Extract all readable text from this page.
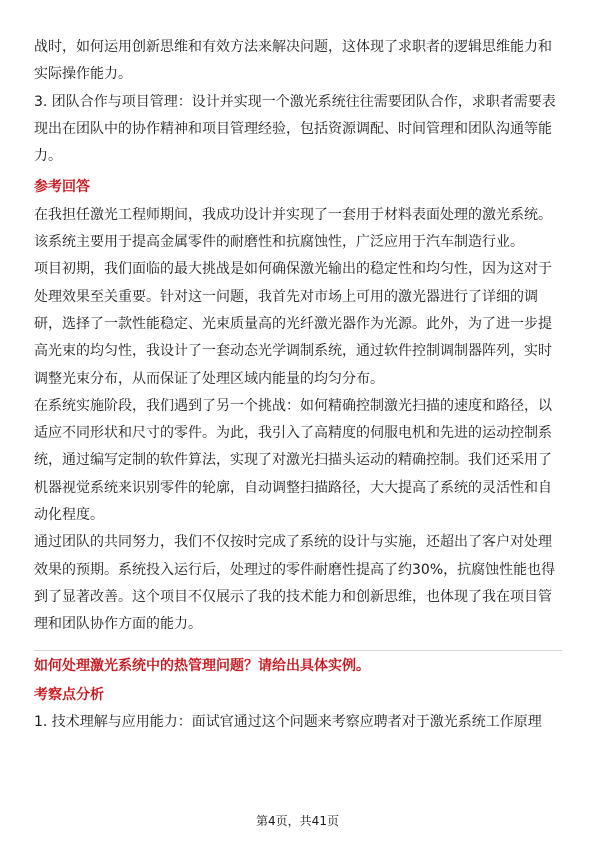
战时，如何运用创新思维和有效方法来解决问题，这体现了求职者的逻辑思维能力和实际操作能力。

3. 团队合作与项目管理：设计并实现一个激光系统往往需要团队合作，求职者需要表现出在团队中的协作精神和项目管理经验，包括资源调配、时间管理和团队沟通等能力。

参考回答

在我担任激光工程师期间，我成功设计并实现了一套用于材料表面处理的激光系统。该系统主要用于提高金属零件的耐磨性和抗腐蚀性，广泛应用于汽车制造行业。

项目初期，我们面临的最大挑战是如何确保激光输出的稳定性和均匀性，因为这对于处理效果至关重要。针对这一问题，我首先对市场上可用的激光器进行了详细的调研，选择了一款性能稳定、光束质量高的光纤激光器作为光源。此外，为了进一步提高光束的均匀性，我设计了一套动态光学调制系统，通过软件控制调制器阵列，实时调整光束分布，从而保证了处理区域内能量的均匀分布。

在系统实施阶段，我们遇到了另一个挑战：如何精确控制激光扫描的速度和路径，以适应不同形状和尺寸的零件。为此，我引入了高精度的伺服电机和先进的运动控制系统，通过编写定制的软件算法，实现了对激光扫描头运动的精确控制。我们还采用了机器视觉系统来识别零件的轮廓，自动调整扫描路径，大大提高了系统的灵活性和自动化程度。

通过团队的共同努力，我们不仅按时完成了系统的设计与实施，还超出了客户对处理效果的预期。系统投入运行后，处理过的零件耐磨性提高了约30%，抗腐蚀性能也得到了显著改善。这个项目不仅展示了我的技术能力和创新思维，也体现了我在项目管理和团队协作方面的能力。

如何处理激光系统中的热管理问题？请给出具体实例。
考察点分析

1. 技术理解与应用能力：面试官通过这个问题来考察应聘者对于激光系统工作原理

第4页，共41页
